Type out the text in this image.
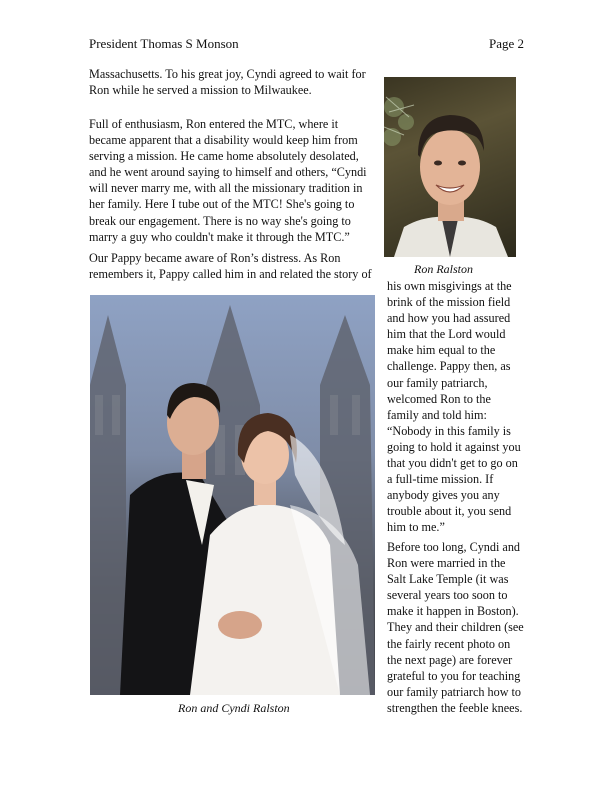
President Thomas S Monson	Page 2

Massachusetts. To his great joy, Cyndi agreed to wait for
Ron while he served a mission to Milwaukee.

Full of enthusiasm, Ron entered the MTC, where it
became apparent that a disability would keep him from
serving a mission. He came home absolutely desolated,
and he went around saying to himself and others, “Cyndi
will never marry me, with all the missionary tradition in
her family. Here I tube out of the MTC! She's going to
break our engagement. There is no way she's going to
marry a guy who couldn't make it through the MTC.”

Our Pappy became aware of Ron’s distress. As Ron
remembers it, Pappy called him in and related the story of	Ron Ralston
Ron and Cyndi Ralston

his own misgivings at the
brink of the mission field
and how you had assured
him that the Lord would
make him equal to the
challenge. Pappy then, as
our family patriarch,
welcomed Ron to the
family and told him:
“Nobody in this family is
going to hold it against you
that you didn't get to go on
a full-time mission. If
anybody gives you any
trouble about it, you send
him to me.”

Before too long, Cyndi and
Ron were married in the
Salt Lake Temple (it was
several years too soon to
make it happen in Boston).
They and their children (see
the fairly recent photo on
the next page) are forever
grateful to you for teaching
our family patriarch how to
strengthen the feeble knees.
